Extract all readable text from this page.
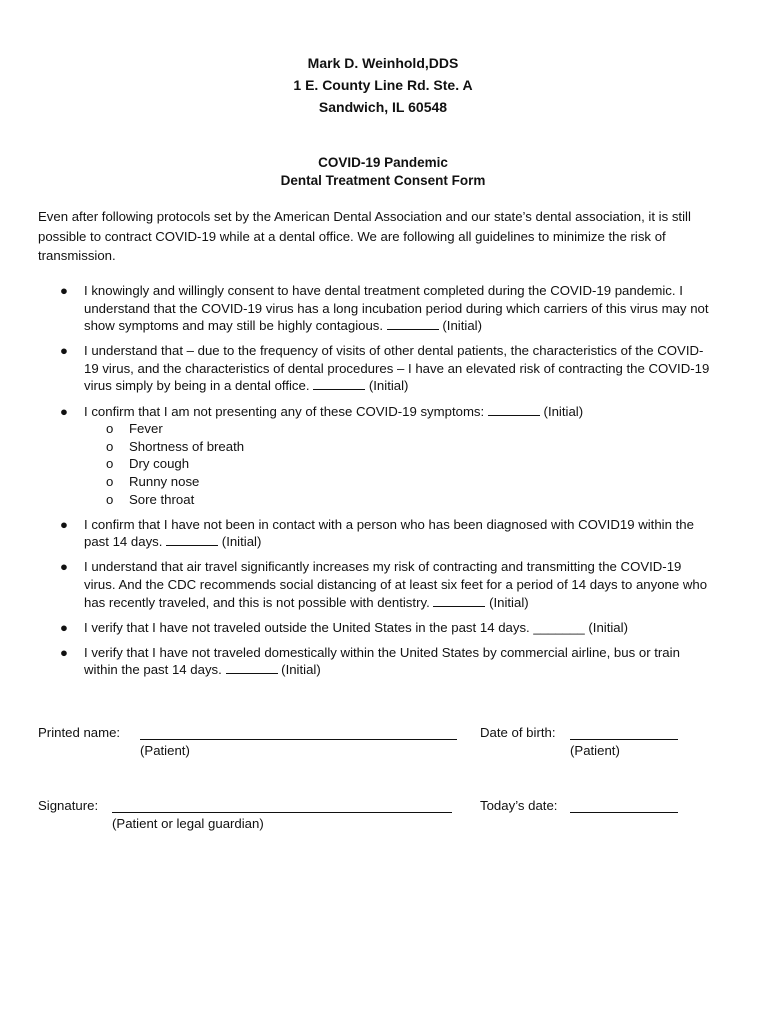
Mark D. Weinhold,DDS
1 E. County Line Rd. Ste. A
Sandwich, IL 60548
COVID-19 Pandemic
Dental Treatment Consent Form
Even after following protocols set by the American Dental Association and our state’s dental association, it is still possible to contract COVID-19 while at a dental office. We are following all guidelines to minimize the risk of transmission.
● I knowingly and willingly consent to have dental treatment completed during the COVID-19 pandemic. I understand that the COVID-19 virus has a long incubation period during which carriers of this virus may not show symptoms and may still be highly contagious.	(Initial)
● I understand that – due to the frequency of visits of other dental patients, the characteristics of the COVID-19 virus, and the characteristics of dental procedures – I have an elevated risk of contracting the COVID-19 virus simply by being in a dental office.	(Initial)
● I confirm that I am not presenting any of these COVID-19 symptoms:	(Initial)
o Fever
o Shortness of breath
o Dry cough
o Runny nose
o Sore throat
● I confirm that I have not been in contact with a person who has been diagnosed with COVID19 within the past 14 days.	(Initial)
● I understand that air travel significantly increases my risk of contracting and transmitting the COVID-19 virus. And the CDC recommends social distancing of at least six feet for a period of 14 days to anyone who has recently traveled, and this is not possible with dentistry.	(Initial)
● I verify that I have not traveled outside the United States in the past 14 days. _______ (Initial)
● I verify that I have not traveled domestically within the United States by commercial airline, bus or train within the past 14 days.	(Initial)
Printed name:
(Patient)
Date of birth:
(Patient)
Signature:
(Patient or legal guardian)
Today’s date:
